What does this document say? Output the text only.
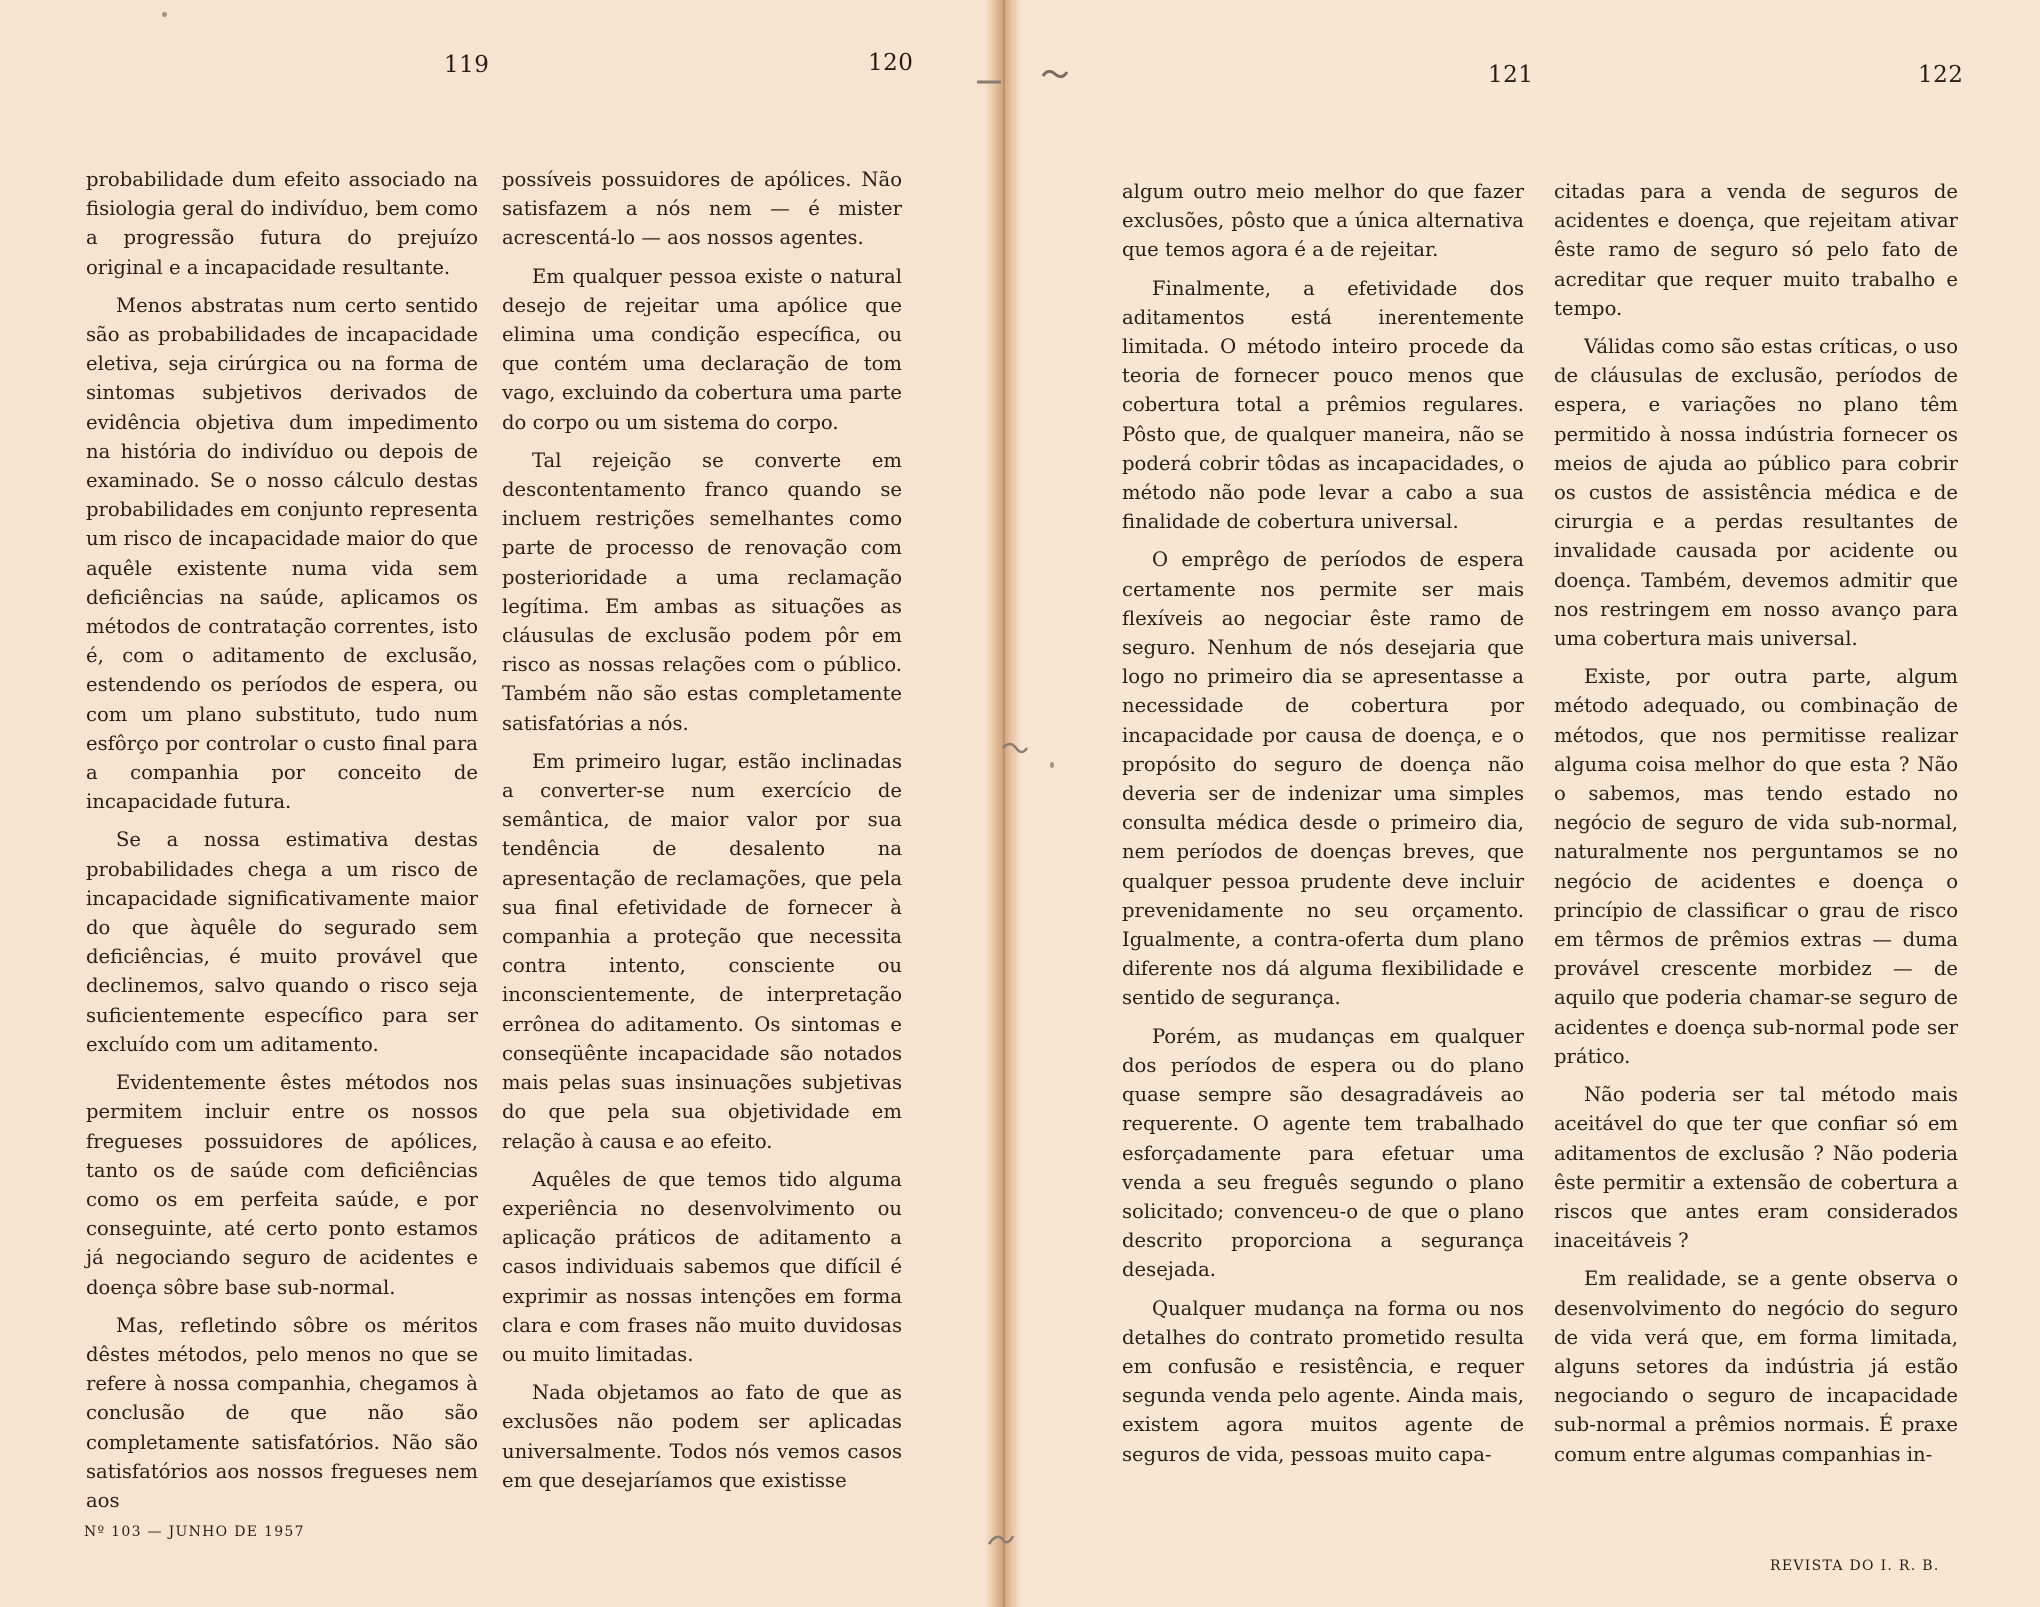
119	120	121	122

probabilidade dum efeito associado na fisiologia geral do indivíduo, bem como a progressão futura do prejuízo original e a incapacidade resultante.

Menos abstratas num certo sentido são as probabilidades de incapacidade eletiva, seja cirúrgica ou na forma de sintomas subjetivos derivados de evidência objetiva dum impedimento na história do indivíduo ou depois de examinado. Se o nosso cálculo destas probabilidades em conjunto representa um risco de incapacidade maior do que aquêle existente numa vida sem deficiências na saúde, aplicamos os métodos de contratação correntes, isto é, com o aditamento de exclusão, estendendo os períodos de espera, ou com um plano substituto, tudo num esfôrço por controlar o custo final para a companhia por conceito de incapacidade futura.

Se a nossa estimativa destas probabilidades chega a um risco de incapacidade significativamente maior do que àquêle do segurado sem deficiências, é muito provável que declinemos, salvo quando o risco seja suficientemente específico para ser excluído com um aditamento.

Evidentemente êstes métodos nos permitem incluir entre os nossos fregueses possuidores de apólices, tanto os de saúde com deficiências como os em perfeita saúde, e por conseguinte, até certo ponto estamos já negociando seguro de acidentes e doença sôbre base sub-normal.

Mas, refletindo sôbre os méritos dêstes métodos, pelo menos no que se refere à nossa companhia, chegamos à conclusão de que não são completamente satisfatórios. Não são satisfatórios aos nossos fregueses nem aos

possíveis possuidores de apólices. Não satisfazem a nós nem — é mister acrescentá-lo — aos nossos agentes.

Em qualquer pessoa existe o natural desejo de rejeitar uma apólice que elimina uma condição específica, ou que contém uma declaração de tom vago, excluindo da cobertura uma parte do corpo ou um sistema do corpo.

Tal rejeição se converte em descontentamento franco quando se incluem restrições semelhantes como parte de processo de renovação com posterioridade a uma reclamação legítima. Em ambas as situações as cláusulas de exclusão podem pôr em risco as nossas relações com o público. Também não são estas completamente satisfatórias a nós.

Em primeiro lugar, estão inclinadas a converter-se num exercício de semântica, de maior valor por sua tendência de desalento na apresentação de reclamações, que pela sua final efetividade de fornecer à companhia a proteção que necessita contra intento, consciente ou inconscientemente, de interpretação errônea do aditamento. Os sintomas e conseqüênte incapacidade são notados mais pelas suas insinuações subjetivas do que pela sua objetividade em relação à causa e ao efeito.

Aquêles de que temos tido alguma experiência no desenvolvimento ou aplicação práticos de aditamento a casos individuais sabemos que difícil é exprimir as nossas intenções em forma clara e com frases não muito duvidosas ou muito limitadas.

Nada objetamos ao fato de que as exclusões não podem ser aplicadas universalmente. Todos nós vemos casos em que desejaríamos que existisse

algum outro meio melhor do que fazer exclusões, pôsto que a única alternativa que temos agora é a de rejeitar.

Finalmente, a efetividade dos aditamentos está inerentemente limitada. O método inteiro procede da teoria de fornecer pouco menos que cobertura total a prêmios regulares. Pôsto que, de qualquer maneira, não se poderá cobrir tôdas as incapacidades, o método não pode levar a cabo a sua finalidade de cobertura universal.

O emprêgo de períodos de espera certamente nos permite ser mais flexíveis ao negociar êste ramo de seguro. Nenhum de nós desejaria que logo no primeiro dia se apresentasse a necessidade de cobertura por incapacidade por causa de doença, e o propósito do seguro de doença não deveria ser de indenizar uma simples consulta médica desde o primeiro dia, nem períodos de doenças breves, que qualquer pessoa prudente deve incluir prevenidamente no seu orçamento. Igualmente, a contra-oferta dum plano diferente nos dá alguma flexibilidade e sentido de segurança.

Porém, as mudanças em qualquer dos períodos de espera ou do plano quase sempre são desagradáveis ao requerente. O agente tem trabalhado esforçadamente para efetuar uma venda a seu freguês segundo o plano solicitado; convenceu-o de que o plano descrito proporciona a segurança desejada.

Qualquer mudança na forma ou nos detalhes do contrato prometido resulta em confusão e resistência, e requer segunda venda pelo agente. Ainda mais, existem agora muitos agente de seguros de vida, pessoas muito capa-

citadas para a venda de seguros de acidentes e doença, que rejeitam ativar êste ramo de seguro só pelo fato de acreditar que requer muito trabalho e tempo.

Válidas como são estas críticas, o uso de cláusulas de exclusão, períodos de espera, e variações no plano têm permitido à nossa indústria fornecer os meios de ajuda ao público para cobrir os custos de assistência médica e de cirurgia e a perdas resultantes de invalidade causada por acidente ou doença. Também, devemos admitir que nos restringem em nosso avanço para uma cobertura mais universal.

Existe, por outra parte, algum método adequado, ou combinação de métodos, que nos permitisse realizar alguma coisa melhor do que esta ? Não o sabemos, mas tendo estado no negócio de seguro de vida sub-normal, naturalmente nos perguntamos se no negócio de acidentes e doença o princípio de classificar o grau de risco em têrmos de prêmios extras — duma provável crescente morbidez — de aquilo que poderia chamar-se seguro de acidentes e doença sub-normal pode ser prático.

Não poderia ser tal método mais aceitável do que ter que confiar só em aditamentos de exclusão ? Não poderia êste permitir a extensão de cobertura a riscos que antes eram considerados inaceitáveis ?

Em realidade, se a gente observa o desenvolvimento do negócio do seguro de vida verá que, em forma limitada, alguns setores da indústria já estão negociando o seguro de incapacidade sub-normal a prêmios normais. É praxe comum entre algumas companhias in-

Nº 103 — JUNHO DE 1957
REVISTA DO I. R. B.
